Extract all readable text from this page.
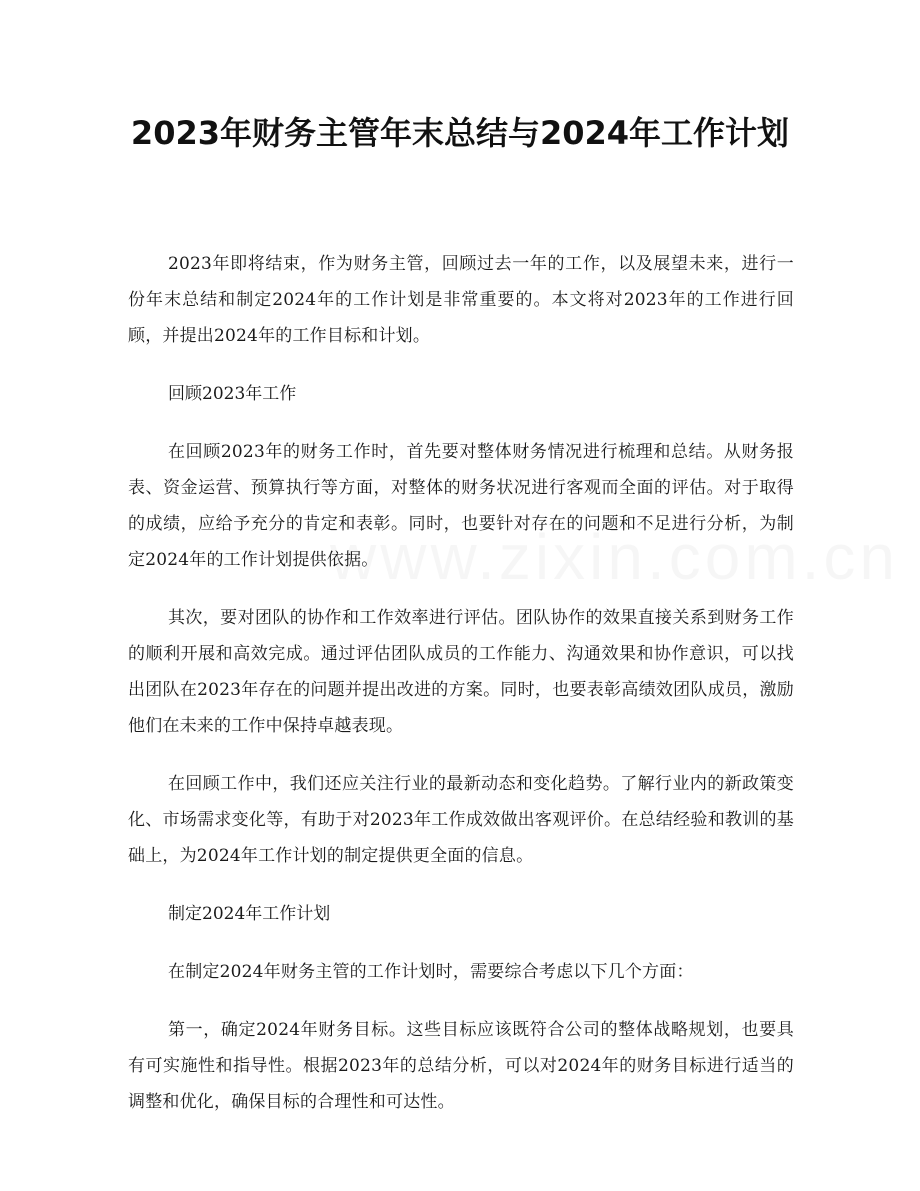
2023年财务主管年末总结与2024年工作计划

2023年即将结束，作为财务主管，回顾过去一年的工作，以及展望未来，进行一份年末总结和制定2024年的工作计划是非常重要的。本文将对2023年的工作进行回顾，并提出2024年的工作目标和计划。

回顾2023年工作

在回顾2023年的财务工作时，首先要对整体财务情况进行梳理和总结。从财务报表、资金运营、预算执行等方面，对整体的财务状况进行客观而全面的评估。对于取得的成绩，应给予充分的肯定和表彰。同时，也要针对存在的问题和不足进行分析，为制定2024年的工作计划提供依据。

其次，要对团队的协作和工作效率进行评估。团队协作的效果直接关系到财务工作的顺利开展和高效完成。通过评估团队成员的工作能力、沟通效果和协作意识，可以找出团队在2023年存在的问题并提出改进的方案。同时，也要表彰高绩效团队成员，激励他们在未来的工作中保持卓越表现。

在回顾工作中，我们还应关注行业的最新动态和变化趋势。了解行业内的新政策变化、市场需求变化等，有助于对2023年工作成效做出客观评价。在总结经验和教训的基础上，为2024年工作计划的制定提供更全面的信息。

制定2024年工作计划

在制定2024年财务主管的工作计划时，需要综合考虑以下几个方面：

第一，确定2024年财务目标。这些目标应该既符合公司的整体战略规划，也要具有可实施性和指导性。根据2023年的总结分析，可以对2024年的财务目标进行适当的调整和优化，确保目标的合理性和可达性。
